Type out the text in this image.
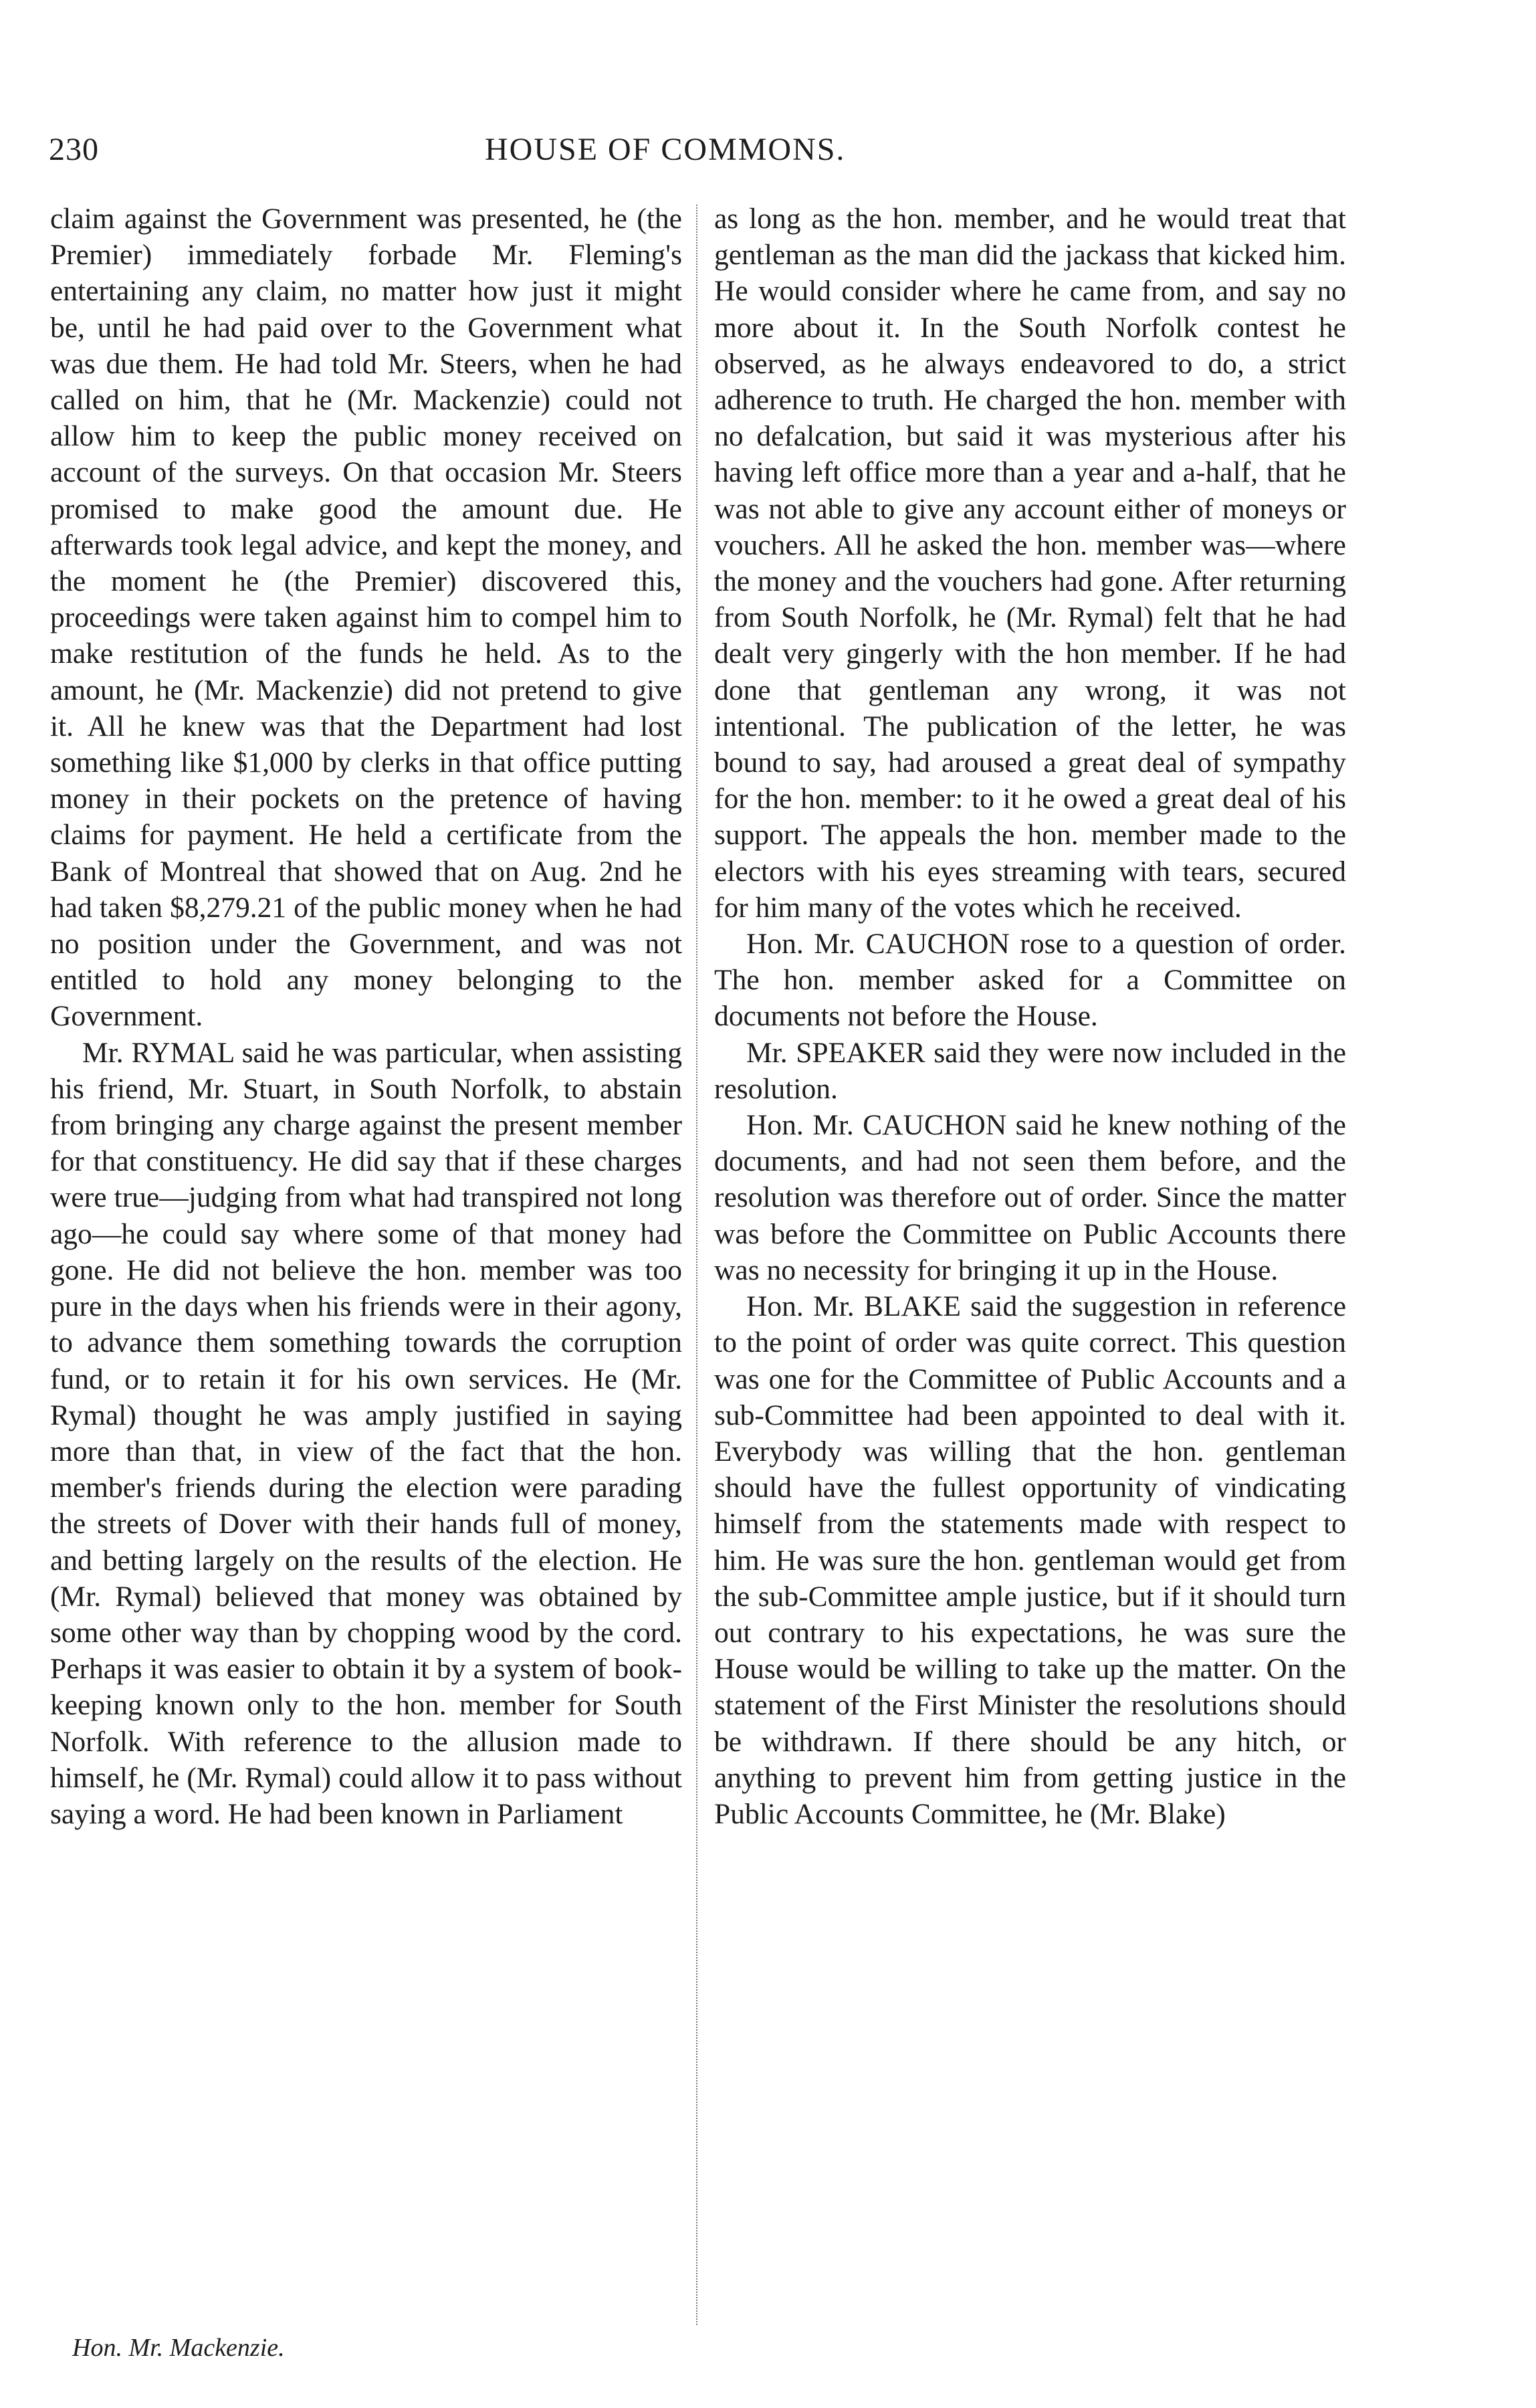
230	HOUSE OF COMMONS.

claim against the Government was presented, he (the Premier) immediately forbade Mr. Fleming's entertaining any claim, no matter how just it might be, until he had paid over to the Government what was due them. He had told Mr. Steers, when he had called on him, that he (Mr. Mackenzie) could not allow him to keep the public money received on account of the surveys. On that occasion Mr. Steers promised to make good the amount due. He afterwards took legal advice, and kept the money, and the moment he (the Premier) discovered this, proceedings were taken against him to compel him to make restitution of the funds he held. As to the amount, he (Mr. Mackenzie) did not pretend to give it. All he knew was that the Department had lost something like $1,000 by clerks in that office putting money in their pockets on the pretence of having claims for payment. He held a certificate from the Bank of Montreal that showed that on Aug. 2nd he had taken $8,279.21 of the public money when he had no position under the Government, and was not entitled to hold any money belonging to the Government.

Mr. RYMAL said he was particular, when assisting his friend, Mr. Stuart, in South Norfolk, to abstain from bringing any charge against the present member for that constituency. He did say that if these charges were true—judging from what had transpired not long ago—he could say where some of that money had gone. He did not believe the hon. member was too pure in the days when his friends were in their agony, to advance them something towards the corruption fund, or to retain it for his own services. He (Mr. Rymal) thought he was amply justified in saying more than that, in view of the fact that the hon. member's friends during the election were parading the streets of Dover with their hands full of money, and betting largely on the results of the election. He (Mr. Rymal) believed that money was obtained by some other way than by chopping wood by the cord. Perhaps it was easier to obtain it by a system of book-keeping known only to the hon. member for South Norfolk. With reference to the allusion made to himself, he (Mr. Rymal) could allow it to pass without saying a word. He had been known in Parliament

as long as the hon. member, and he would treat that gentleman as the man did the jackass that kicked him. He would consider where he came from, and say no more about it. In the South Norfolk contest he observed, as he always endeavored to do, a strict adherence to truth. He charged the hon. member with no defalcation, but said it was mysterious after his having left office more than a year and a-half, that he was not able to give any account either of moneys or vouchers. All he asked the hon. member was—where the money and the vouchers had gone. After returning from South Norfolk, he (Mr. Rymal) felt that he had dealt very gingerly with the hon member. If he had done that gentleman any wrong, it was not intentional. The publication of the letter, he was bound to say, had aroused a great deal of sympathy for the hon. member: to it he owed a great deal of his support. The appeals the hon. member made to the electors with his eyes streaming with tears, secured for him many of the votes which he received.

Hon. Mr. CAUCHON rose to a question of order. The hon. member asked for a Committee on documents not before the House.

Mr. SPEAKER said they were now included in the resolution.

Hon. Mr. CAUCHON said he knew nothing of the documents, and had not seen them before, and the resolution was therefore out of order. Since the matter was before the Committee on Public Accounts there was no necessity for bringing it up in the House.

Hon. Mr. BLAKE said the suggestion in reference to the point of order was quite correct. This question was one for the Committee of Public Accounts and a sub-Committee had been appointed to deal with it. Everybody was willing that the hon. gentleman should have the fullest opportunity of vindicating himself from the statements made with respect to him. He was sure the hon. gentleman would get from the sub-Committee ample justice, but if it should turn out contrary to his expectations, he was sure the House would be willing to take up the matter. On the statement of the First Minister the resolutions should be withdrawn. If there should be any hitch, or anything to prevent him from getting justice in the Public Accounts Committee, he (Mr. Blake)

Hon. Mr. Mackenzie.
